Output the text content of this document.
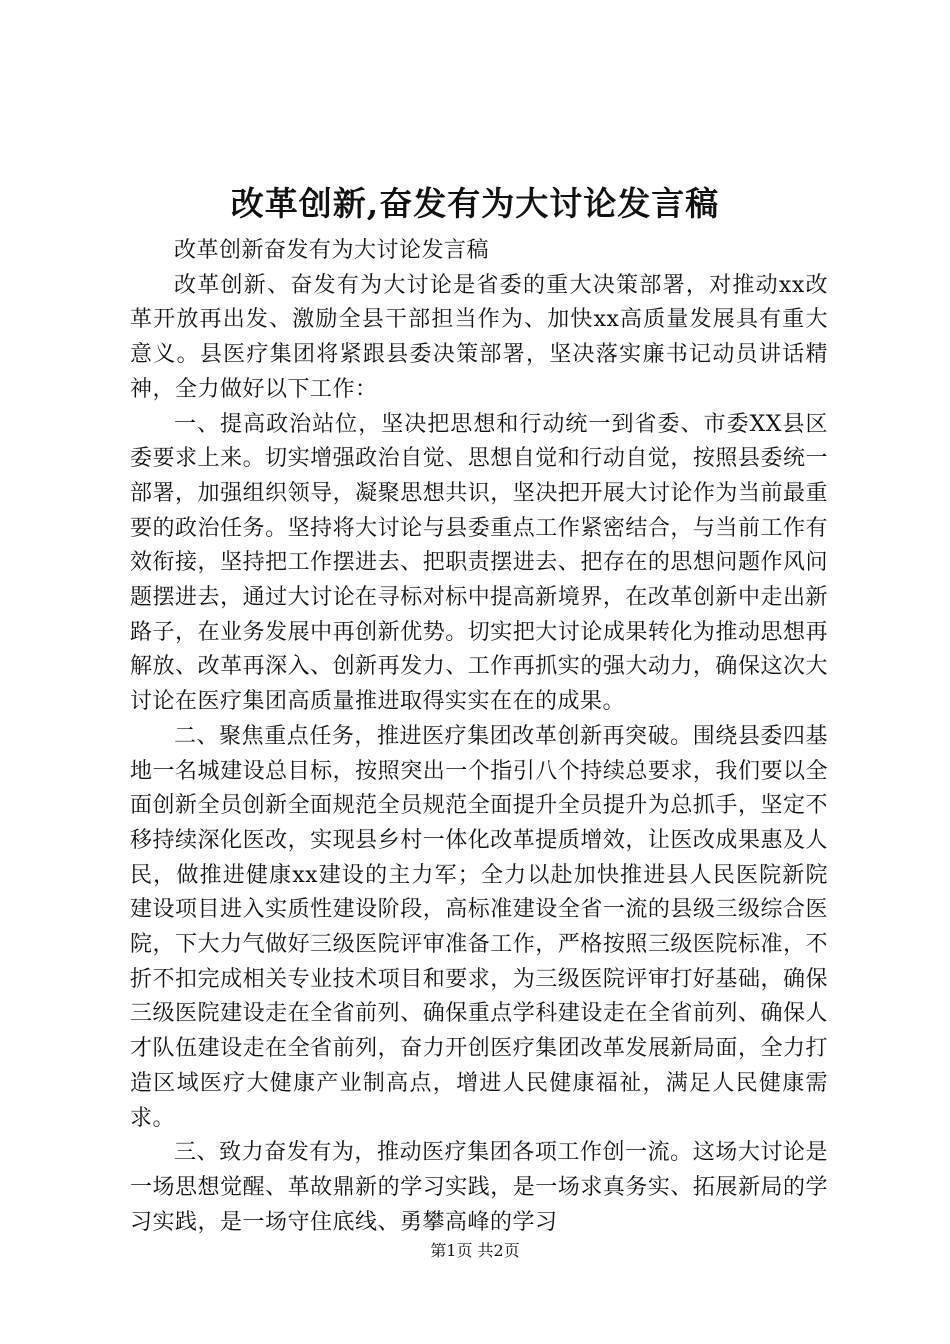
改革创新,奋发有为大讨论发言稿

改革创新奋发有为大讨论发言稿

改革创新、奋发有为大讨论是省委的重大决策部署，对推动xx改革开放再出发、激励全县干部担当作为、加快xx高质量发展具有重大意义。县医疗集团将紧跟县委决策部署，坚决落实廉书记动员讲话精神，全力做好以下工作：

一、提高政治站位，坚决把思想和行动统一到省委、市委XX县区委要求上来。切实增强政治自觉、思想自觉和行动自觉，按照县委统一部署，加强组织领导，凝聚思想共识，坚决把开展大讨论作为当前最重要的政治任务。坚持将大讨论与县委重点工作紧密结合，与当前工作有效衔接，坚持把工作摆进去、把职责摆进去、把存在的思想问题作风问题摆进去，通过大讨论在寻标对标中提高新境界，在改革创新中走出新路子，在业务发展中再创新优势。切实把大讨论成果转化为推动思想再解放、改革再深入、创新再发力、工作再抓实的强大动力，确保这次大讨论在医疗集团高质量推进取得实实在在的成果。

二、聚焦重点任务，推进医疗集团改革创新再突破。围绕县委四基地一名城建设总目标，按照突出一个指引八个持续总要求，我们要以全面创新全员创新全面规范全员规范全面提升全员提升为总抓手，坚定不移持续深化医改，实现县乡村一体化改革提质增效，让医改成果惠及人民，做推进健康xx建设的主力军；全力以赴加快推进县人民医院新院建设项目进入实质性建设阶段，高标准建设全省一流的县级三级综合医院，下大力气做好三级医院评审准备工作，严格按照三级医院标准，不折不扣完成相关专业技术项目和要求，为三级医院评审打好基础，确保三级医院建设走在全省前列、确保重点学科建设走在全省前列、确保人才队伍建设走在全省前列，奋力开创医疗集团改革发展新局面，全力打造区域医疗大健康产业制高点，增进人民健康福祉，满足人民健康需求。

三、致力奋发有为，推动医疗集团各项工作创一流。这场大讨论是一场思想觉醒、革故鼎新的学习实践，是一场求真务实、拓展新局的学习实践，是一场守住底线、勇攀高峰的学习

第1页 共2页
